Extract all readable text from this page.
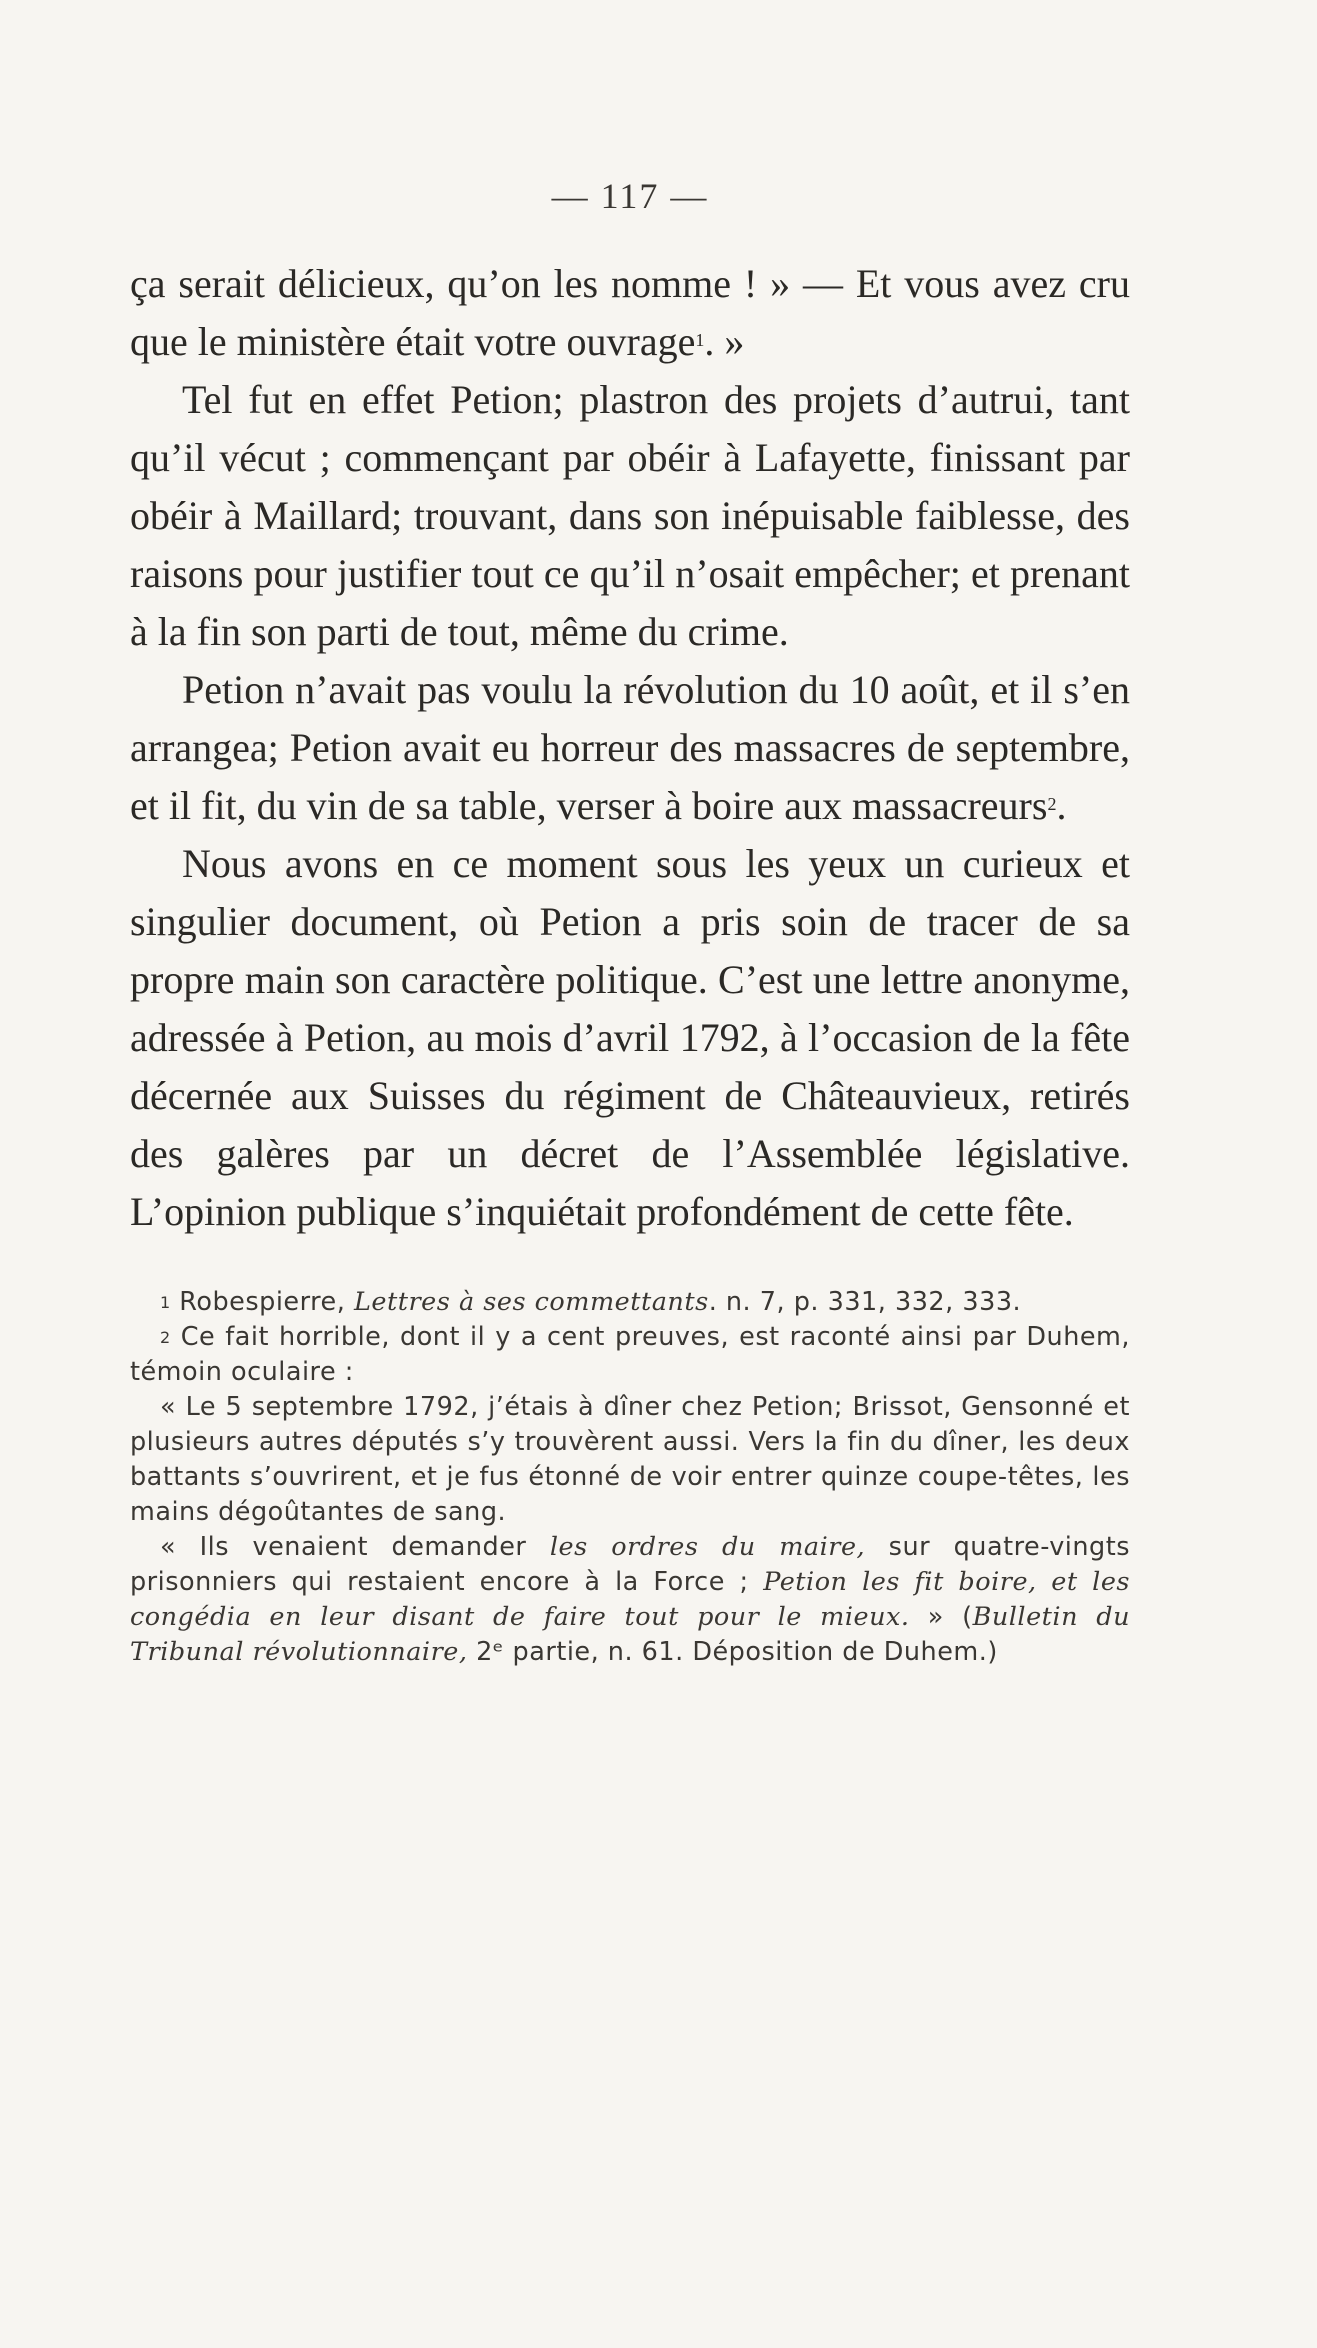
— 117 —

ça serait délicieux, qu’on les nomme ! » — Et vous avez cru que le ministère était votre ouvrage$^1$. »

Tel fut en effet Petion; plastron des projets d’autrui, tant qu’il vécut ; commençant par obéir à Lafayette, finissant par obéir à Maillard; trouvant, dans son inépuisable faiblesse, des raisons pour justifier tout ce qu’il n’osait empêcher; et prenant à la fin son parti de tout, même du crime.

Petion n’avait pas voulu la révolution du 10 août, et il s’en arrangea; Petion avait eu horreur des massacres de septembre, et il fit, du vin de sa table, verser à boire aux massacreurs$^2$.

Nous avons en ce moment sous les yeux un curieux et singulier document, où Petion a pris soin de tracer de sa propre main son caractère politique. C’est une lettre anonyme, adressée à Petion, au mois d’avril 1792, à l’occasion de la fête décernée aux Suisses du régiment de Châteauvieux, retirés des galères par un décret de l’Assemblée législative. L’opinion publique s’inquiétait profondément de cette fête.

$^1$ Robespierre, Lettres à ses commettants. n. 7, p. 331, 332, 333.

$^2$ Ce fait horrible, dont il y a cent preuves, est raconté ainsi par Duhem, témoin oculaire :

« Le 5 septembre 1792, j’étais à dîner chez Petion; Brissot, Gensonné et plusieurs autres députés s’y trouvèrent aussi. Vers la fin du dîner, les deux battants s’ouvrirent, et je fus étonné de voir entrer quinze coupe-têtes, les mains dégoûtantes de sang.

« Ils venaient demander les ordres du maire, sur quatre-vingts prisonniers qui restaient encore à la Force ; Petion les fit boire, et les congédia en leur disant de faire tout pour le mieux. » (Bulletin du Tribunal révolutionnaire, 2ᵉ partie, n. 61. Déposition de Duhem.)
